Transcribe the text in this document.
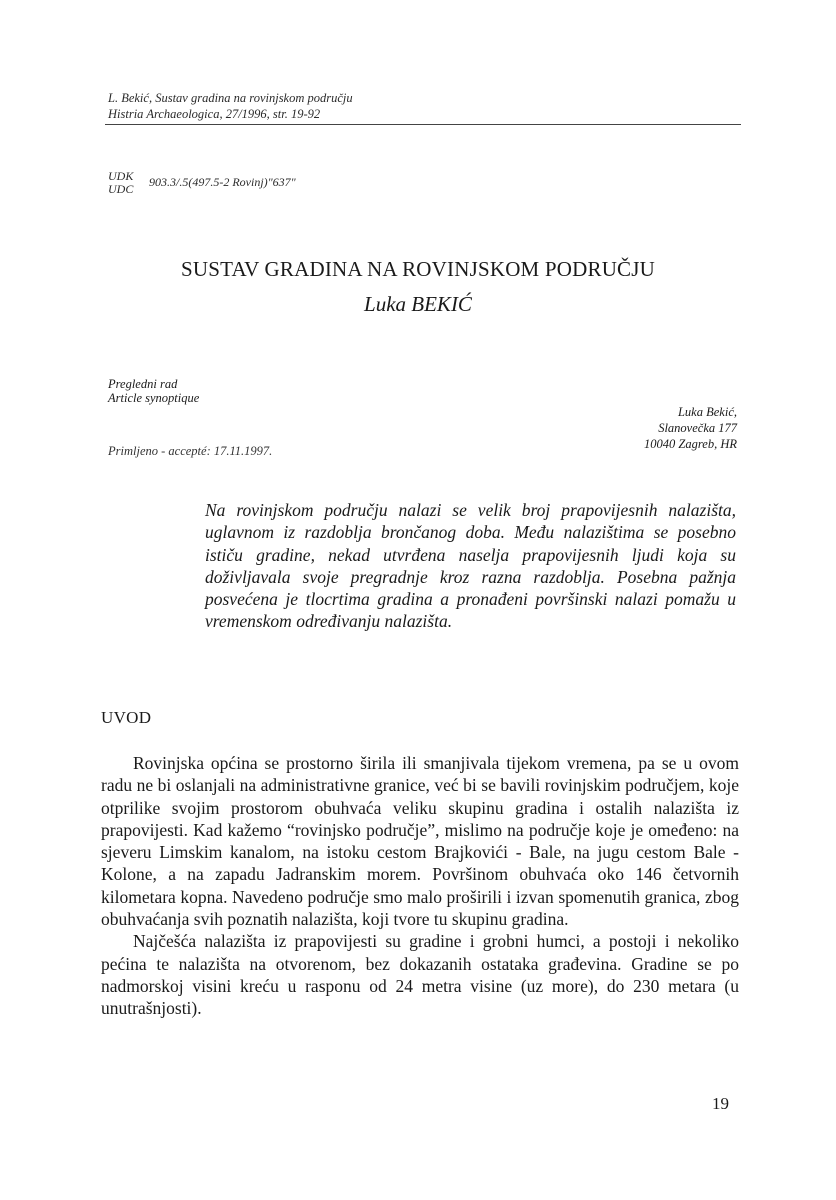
L. Bekić, Sustav gradina na rovinjskom području
Histria Archaeologica, 27/1996, str. 19-92
UDK
UDC 903.3/.5(497.5-2 Rovinj)"637"
SUSTAV GRADINA NA ROVINJSKOM PODRUČJU
Luka BEKIĆ
Pregledni rad
Article synoptique
Luka Bekić,
Slanovečka 177
10040 Zagreb, HR
Primljeno - accepté: 17.11.1997.
Na rovinjskom području nalazi se velik broj prapovijesnih nalazišta, uglavnom iz razdoblja brončanog doba. Među nalazištima se posebno ističu gradine, nekad utvrđena naselja prapovijesnih ljudi koja su doživljavala svoje pregradnje kroz razna razdoblja. Posebna pažnja posvećena je tlocrtima gradina a pronađeni površinski nalazi pomažu u vremenskom određivanju nalazišta.
UVOD

Rovinjska općina se prostorno širila ili smanjivala tijekom vremena, pa se u ovom radu ne bi oslanjali na administrativne granice, već bi se bavili rovinjskim područjem, koje otprilike svojim prostorom obuhvaća veliku skupinu gradina i ostalih nalazišta iz prapovijesti. Kad kažemo “rovinjsko područje”, mislimo na područje koje je omeđeno: na sjeveru Limskim kanalom, na istoku cestom Brajkovići - Bale, na jugu cestom Bale - Kolone, a na zapadu Jadranskim morem. Površinom obuhvaća oko 146 četvornih kilometara kopna. Navedeno područje smo malo proširili i izvan spomenutih granica, zbog obuhvaćanja svih poznatih nalazišta, koji tvore tu skupinu gradina.

Najčešća nalazišta iz prapovijesti su gradine i grobni humci, a postoji i nekoliko pećina te nalazišta na otvorenom, bez dokazanih ostataka građevina. Gradine se po nadmorskoj visini kreću u rasponu od 24 metra visine (uz more), do 230 metara (u unutrašnjosti).

19
